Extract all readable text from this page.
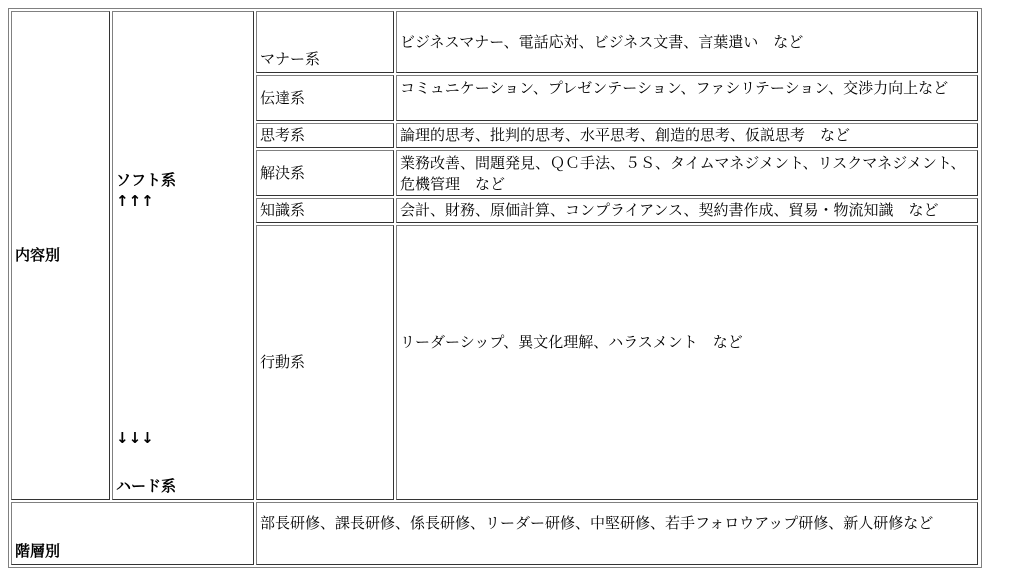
内容別
ソフト系
↑↑↑
↓↓↓
ハード系
マナー系
ビジネスマナー、電話応対、ビジネス文書、言葉遣い　など
伝達系
コミュニケーション、プレゼンテーション、ファシリテーション、交渉力向上など
思考系	論理的思考、批判的思考、水平思考、創造的思考、仮説思考　など
解決系
業務改善、問題発見、ＱＣ手法、５Ｓ、タイムマネジメント、リスクマネジメント、危機管理　など
知識系	会計、財務、原価計算、コンプライアンス、契約書作成、貿易・物流知識　など
行動系
リーダーシップ、異文化理解、ハラスメント　など
階層別
部長研修、課長研修、係長研修、リーダー研修、中堅研修、若手フォロウアップ研修、新人研修など
